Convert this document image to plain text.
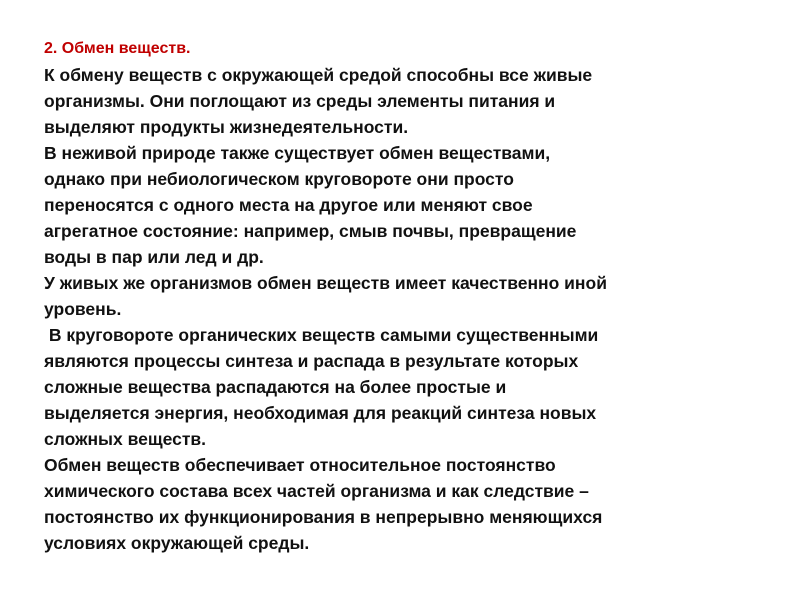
2. Обмен веществ.
К обмену веществ с окружающей средой способны все живые
организмы. Они поглощают из среды элементы питания и
выделяют продукты жизнедеятельности.
В неживой природе также существует обмен веществами,
однако при небиологическом круговороте они просто
переносятся с одного места на другое или меняют свое
агрегатное состояние: например, смыв почвы, превращение
воды в пар или лед и др.
У живых же организмов обмен веществ имеет качественно иной
уровень.
В круговороте органических веществ самыми существенными
являются процессы синтеза и распада в результате которых
сложные вещества распадаются на более простые и
выделяется энергия, необходимая для реакций синтеза новых
сложных веществ.
Обмен веществ обеспечивает относительное постоянство
химического состава всех частей организма и как следствие –
постоянство их функционирования в непрерывно меняющихся
условиях окружающей среды.
